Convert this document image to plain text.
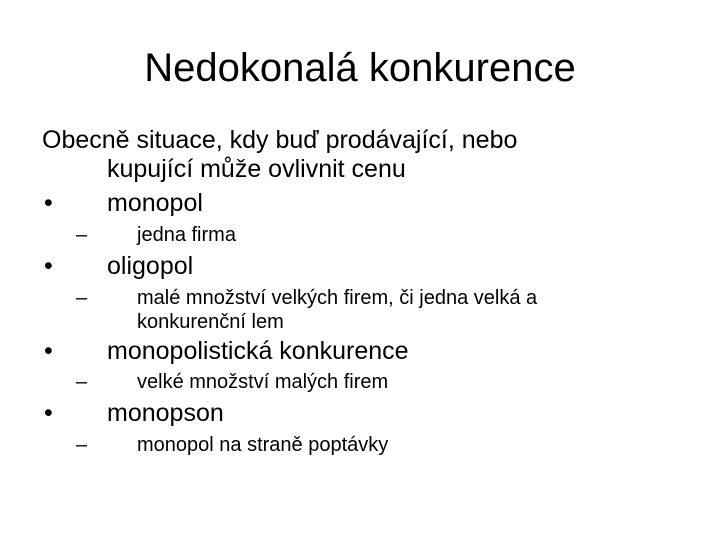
Nedokonalá konkurence
Obecně situace, kdy buď prodávající, nebo
kupující může ovlivnit cenu
•	monopol
–	jedna firma
•	oligopol
–	malé množství velkých firem, či jedna velká a
konkurenční lem
•	monopolistická konkurence
–	velké množství malých firem
•	monopson
–	monopol na straně poptávky
